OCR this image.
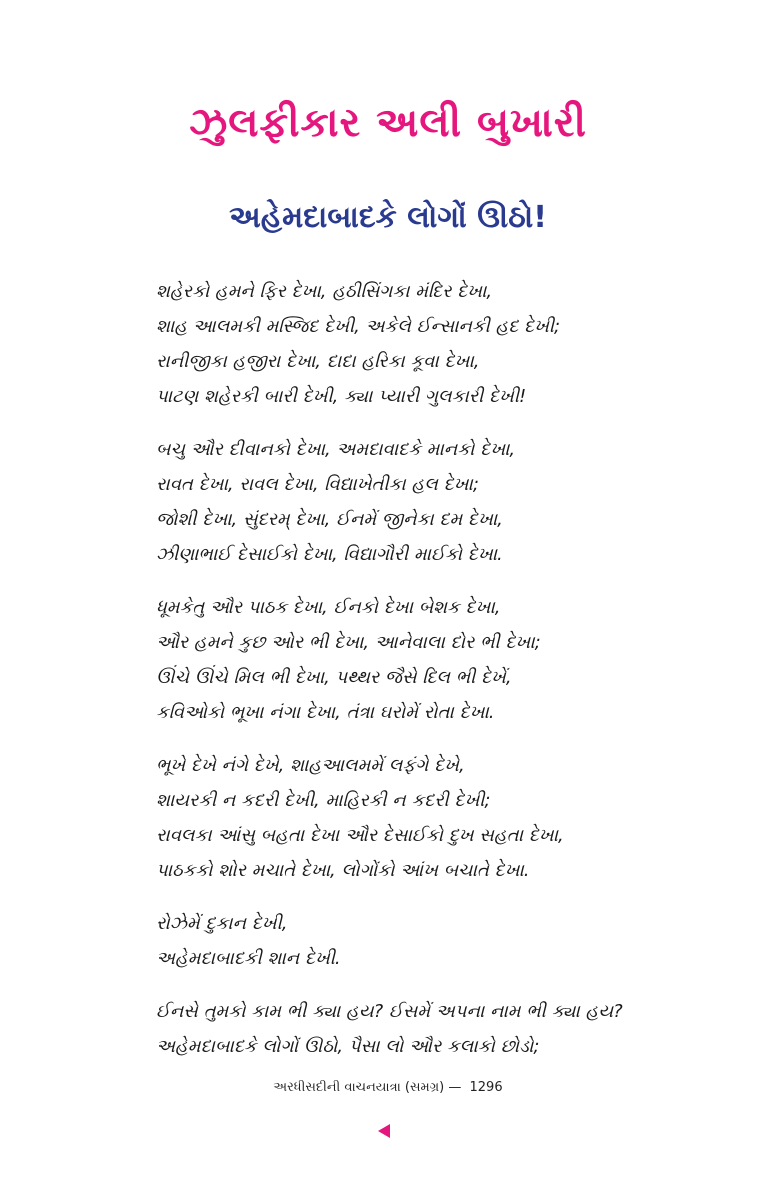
ઝુલફીકાર અલી બુખારી
અહેમદાબાદકે લોગોં ઊઠો!
શહેરકો હમને ફિર દેખા, હઠીસિંગકા મંદિર દેખા,
શાહ આલમકી મસ્જિદ દેખી, અકેલે ઈન્સાનકી હદ દેખી;
રાનીજીકા હજીરા દેખા, દાદા હરિકા કૂવા દેખા,
પાટણ શહેરકી બારી દેખી, ક્યા પ્યારી ગુલકારી દેખી!
બચુ ઔર દીવાનકો દેખા, અમદાવાદકે માનકો દેખા,
રાવત દેખા, રાવલ દેખા, વિદ્યાખેતીકા હલ દેખા;
જોશી દેખા, સુંદરમ્ દેખા, ઈનમેં જીનેકા દમ દેખા,
ઝીણાભાઈ દેસાઈકો દેખા, વિદ્યાગૌરી માઈકો દેખા.
ધૂમકેતુ ઔર પાઠક દેખા, ઈનકો દેખા બેશક દેખા,
ઔર હમને કુછ ઓર ભી દેખા, આનેવાલા દોર ભી દેખા;
ઊંચે ઊંચે મિલ ભી દેખા, પથ્થર જૈસે દિલ ભી દેખેં,
કવિઓકો ભૂખા નંગા દેખા, તંત્રા ઘરોમેં રોતા દેખા.
ભૂખે દેખે નંગે દેખે, શાહઆલમમેં લફંગે દેખે,
શાયરકી ન કદરી દેખી, માહિરકી ન કદરી દેખી;
રાવલકા આંસુ બહતા દેખા ઔર દેસાઈકો દુખ સહતા દેખા,
પાઠકકો શોર મચાતે દેખા, લોગોંકો આંખ બચાતે દેખા.
રોઝેમેં દુકાન દેખી,
અહેમદાબાદકી શાન દેખી.
ઈનસે તુમકો કામ ભી ક્યા હય? ઈસમેં અપના નામ ભી ક્યા હય?
અહેમદાબાદકે લોગોં ઊઠો, પૈસા લો ઔર કલાકો છોડો;
અરધીસદીની વાચનયાત્રા (સમગ્ર) — 1296
